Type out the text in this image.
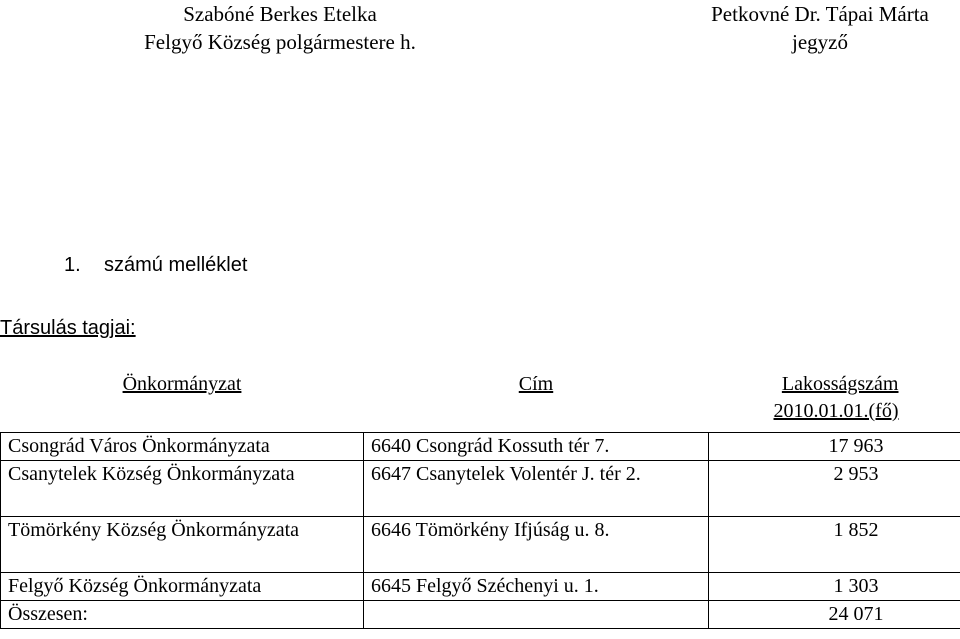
Szabóné Berkes Etelka
Felgyő Község polgármestere h.
Petkovné Dr. Tápai Márta
jegyző
1. számú melléklet
Társulás tagjai:
Önkormányzat	Cím	Lakosságszám
2010.01.01.(fő)
Csongrád Város Önkormányzata	6640 Csongrád Kossuth tér 7.	17 963
Csanytelek Község Önkormányzata	6647 Csanytelek Volentér J. tér 2.	2 953
Tömörkény Község Önkormányzata	6646 Tömörkény Ifjúság u. 8.	1 852
Felgyő Község Önkormányzata	6645 Felgyő Széchenyi u. 1.	1 303
Összesen:		24 071
